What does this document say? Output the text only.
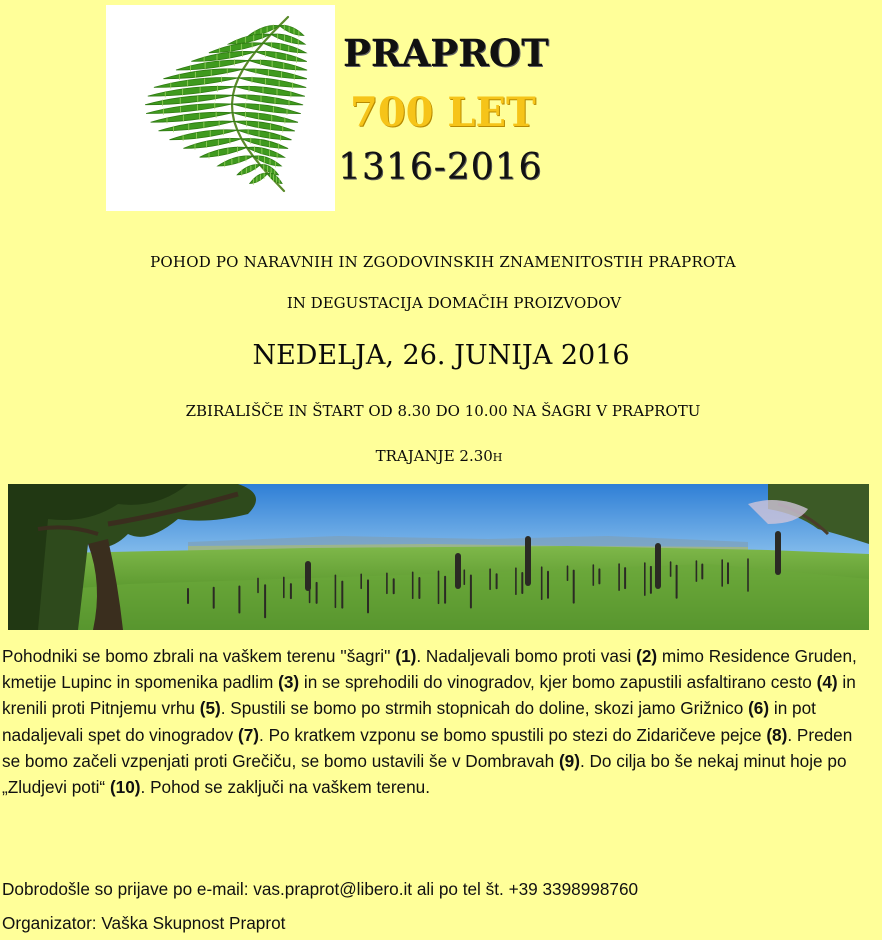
PRAPROT
700 LET
1316-2016
POHOD PO NARAVNIH IN ZGODOVINSKIH ZNAMENITOSTIH PRAPROTA
IN DEGUSTACIJA DOMAČIH PROIZVODOV
NEDELJA, 26. JUNIJA 2016
ZBIRALIŠČE IN ŠTART OD 8.30 DO 10.00 NA ŠAGRI V PRAPROTU
TRAJANJE 2.30h
Pohodniki se bomo zbrali na vaškem terenu ''šagri'' (1). Nadaljevali bomo proti vasi (2) mimo Residence Gruden, kmetije Lupinc in spomenika padlim (3) in se sprehodili do vinogradov, kjer bomo zapustili asfaltirano cesto (4) in krenili proti Pitnjemu vrhu (5). Spustili se bomo po strmih stopnicah do doline, skozi jamo Grižnico (6) in pot nadaljevali spet do vinogradov (7). Po kratkem vzponu se bomo spustili po stezi do Zidaričeve pejce (8). Preden se bomo začeli vzpenjati proti Grečiču, se bomo ustavili še v Dombravah (9). Do cilja bo še nekaj minut hoje po „Zludjevi poti“ (10). Pohod se zaključi na vaškem terenu.
Dobrodošle so prijave po e-mail: vas.praprot@libero.it ali po tel št. +39 3398998760
Organizator: Vaška Skupnost Praprot
